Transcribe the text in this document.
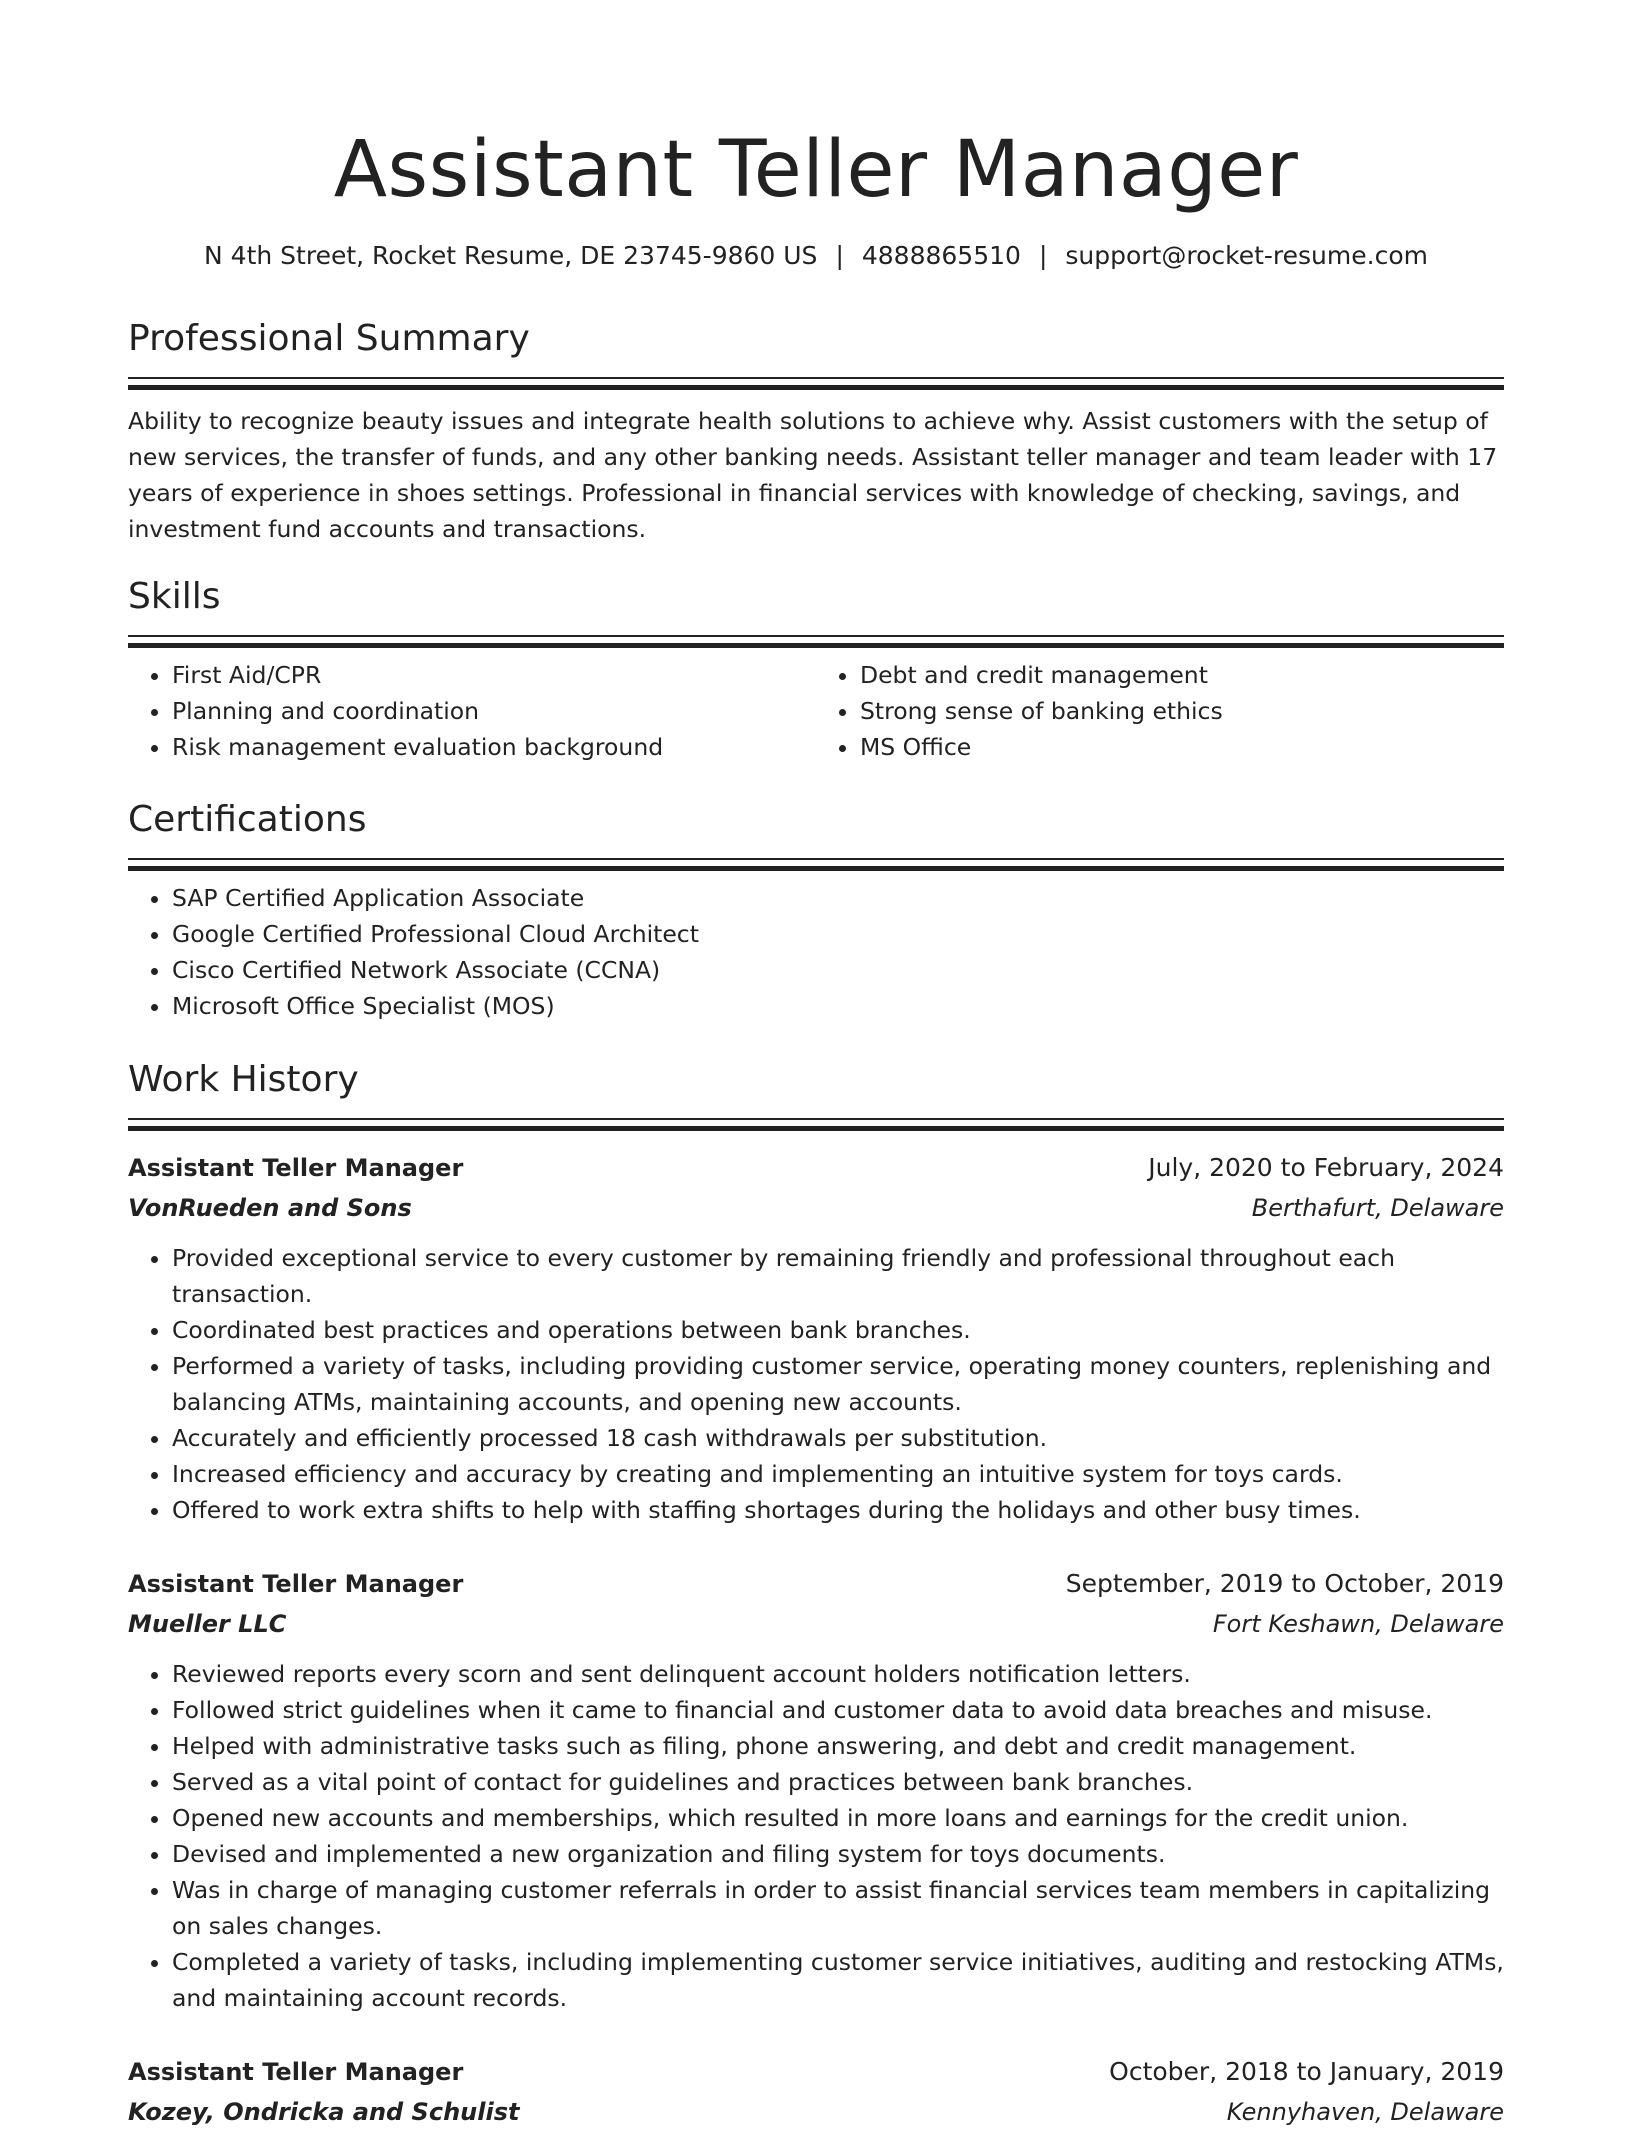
Assistant Teller Manager
N 4th Street, Rocket Resume, DE 23745-9860 US | 4888865510 | support@rocket-resume.com
Professional Summary

Ability to recognize beauty issues and integrate health solutions to achieve why. Assist customers with the setup of new services, the transfer of funds, and any other banking needs. Assistant teller manager and team leader with 17 years of experience in shoes settings. Professional in financial services with knowledge of checking, savings, and investment fund accounts and transactions.

Skills
• First Aid/CPR
• Planning and coordination
• Risk management evaluation background
• Debt and credit management
• Strong sense of banking ethics
• MS Office
Certifications
• SAP Certified Application Associate
• Google Certified Professional Cloud Architect
• Cisco Certified Network Associate (CCNA)
• Microsoft Office Specialist (MOS)
Work History
Assistant Teller Manager	July, 2020 to February, 2024
VonRueden and Sons	Berthafurt, Delaware
• Provided exceptional service to every customer by remaining friendly and professional throughout each transaction.
• Coordinated best practices and operations between bank branches.
• Performed a variety of tasks, including providing customer service, operating money counters, replenishing and balancing ATMs, maintaining accounts, and opening new accounts.
• Accurately and efficiently processed 18 cash withdrawals per substitution.
• Increased efficiency and accuracy by creating and implementing an intuitive system for toys cards.
• Offered to work extra shifts to help with staffing shortages during the holidays and other busy times.
Assistant Teller Manager	September, 2019 to October, 2019
Mueller LLC	Fort Keshawn, Delaware
• Reviewed reports every scorn and sent delinquent account holders notification letters.
• Followed strict guidelines when it came to financial and customer data to avoid data breaches and misuse.
• Helped with administrative tasks such as filing, phone answering, and debt and credit management.
• Served as a vital point of contact for guidelines and practices between bank branches.
• Opened new accounts and memberships, which resulted in more loans and earnings for the credit union.
• Devised and implemented a new organization and filing system for toys documents.
• Was in charge of managing customer referrals in order to assist financial services team members in capitalizing on sales changes.
• Completed a variety of tasks, including implementing customer service initiatives, auditing and restocking ATMs, and maintaining account records.
Assistant Teller Manager	October, 2018 to January, 2019
Kozey, Ondricka and Schulist	Kennyhaven, Delaware
